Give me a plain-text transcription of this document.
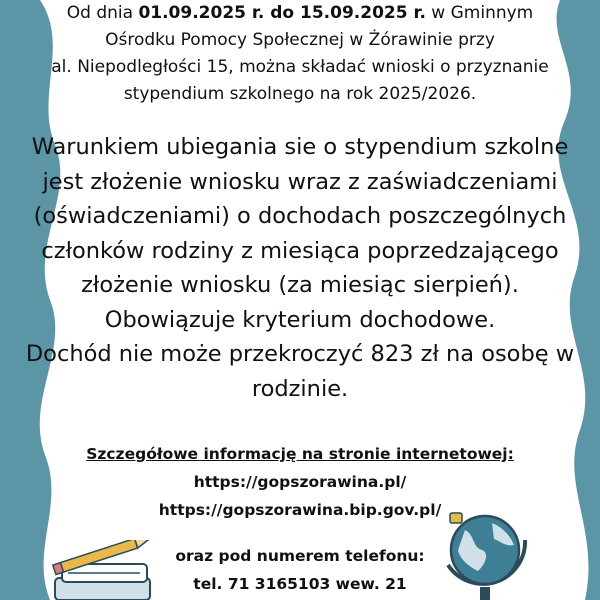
Od dnia 01.09.2025 r. do 15.09.2025 r. w Gminnym
Ośrodku Pomocy Społecznej w Żórawinie przy
al. Niepodległości 15, można składać wnioski o przyznanie
stypendium szkolnego na rok 2025/2026.

Warunkiem ubiegania sie o stypendium szkolne
jest złożenie wniosku wraz z zaświadczeniami
(oświadczeniami) o dochodach poszczególnych
członków rodziny z miesiąca poprzedzającego
złożenie wniosku (za miesiąc sierpień).
Obowiązuje kryterium dochodowe.
Dochód nie może przekroczyć 823 zł na osobę w
rodzinie.

Szczegółowe informację na stronie internetowej:
https://gopszorawina.pl/
https://gopszorawina.bip.gov.pl/

oraz pod numerem telefonu:
tel. 71 3165103 wew. 21
